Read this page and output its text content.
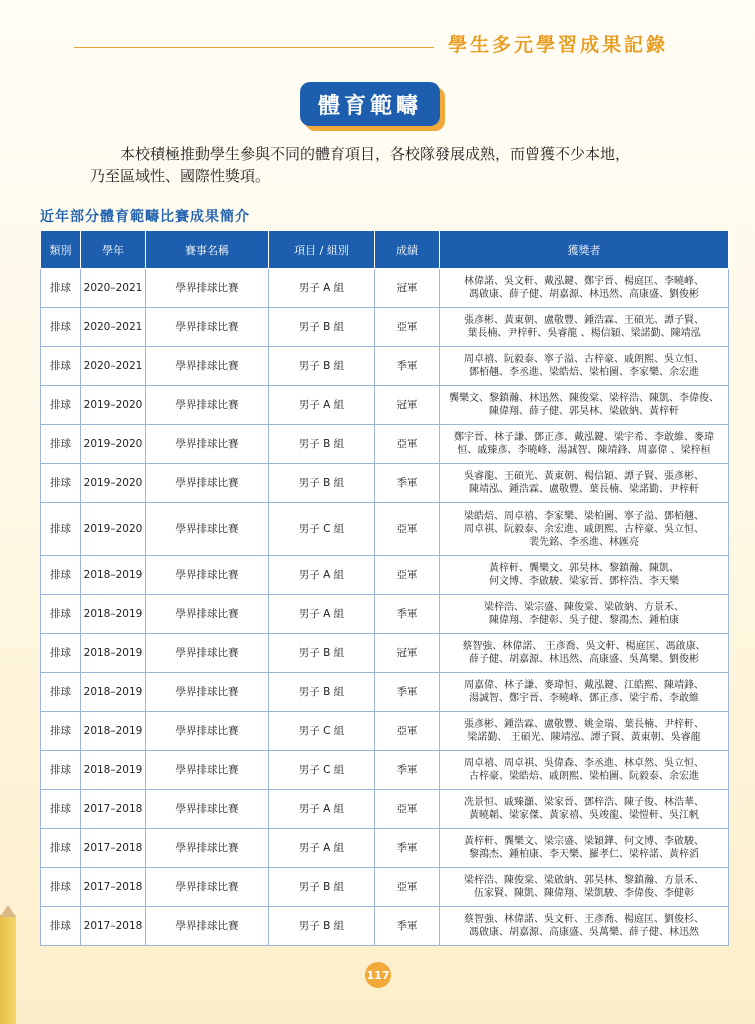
學生多元學習成果記錄
體育範疇

本校積極推動學生參與不同的體育項目，各校隊發展成熟，而曾獲不少本地，

乃至區域性、國際性獎項。

近年部分體育範疇比賽成果簡介
類別	學年	賽事名稱	項目 / 組別	成績	獲獎者
排球	2020–2021	學界排球比賽	男子 A 組	冠軍	林偉諾、吳文軒、戴泓鍵、鄭宇晉、楊庭匡、李曉峰、
馮啟康、薛子健、胡嘉源、林迅然、高康盛、劉俊彬

排球	2020–2021	學界排球比賽	男子 B 組	亞軍	張彥彬、黃東朝、盧敬豐、鍾浩霖、王碩光、譚子賢、
葉長楠、尹梓軒、吳睿龍 、楊信穎、梁諾勤、陳靖泓

排球	2020–2021	學界排球比賽	男子 B 組	季軍	周卓禧、阮毅泰、寧子溢、古梓豪、戚朗熙、吳立恒、
鄧栢翹、李丞進、梁皓焙、梁柏圖、李家樂、余宏進

排球	2019–2020	學界排球比賽	男子 A 組	冠軍	龔樂文、黎鎮瀚、林迅然、陳俊棠、梁梓浩、陳凱、李偉俊、
陳偉翔、薛子健、郭昊林、梁啟納、黃梓軒

排球	2019–2020	學界排球比賽	男子 B 組	亞軍	鄭宇晉、林子謙、鄧正彥、戴泓鍵、梁宇希、李敢維、麥瑋
恒、戚臻彥、李曉峰、湯誠智、陳靖鋒、周嘉偉 、梁梓桓

排球	2019–2020	學界排球比賽	男子 B 組	季軍	吳睿龍、王碩光、黃東朝、楊信穎、譚子賢、張彥彬、
陳靖泓、鍾浩霖、盧敬豐、葉長楠、梁諾勤、尹梓軒

排球	2019–2020	學界排球比賽	男子 C 組	亞軍	梁皓焙、周卓禧、李家樂、梁柏圖、寧子溢、鄧栢翹、
周卓祺、阮毅泰、余宏進、戚朗熙、古梓豪、吳立恒、
裴先銘、李丞進、林匯亮

排球	2018–2019	學界排球比賽	男子 A 組	亞軍	黃梓軒、龔樂文、郭昊林、黎鎮瀚、陳凱、
何文博、李啟駿、梁家晉、鄧梓浩、李天樂

排球	2018–2019	學界排球比賽	男子 A 組	季軍	梁梓浩、梁宗盛、陳俊棠、梁啟納、方景禾、
陳偉翔、李健彰、吳子健、黎鴻杰、鍾柏康

排球	2018–2019	學界排球比賽	男子 B 組	冠軍	蔡智強、林偉諾、 王彥喬、吳文軒、楊庭匡、馮啟康、
薛子健、胡嘉源、林迅然、高康盛、吳萬樂、劉俊彬

排球	2018–2019	學界排球比賽	男子 B 組	季軍	周嘉偉、林子謙、麥瑋恒、戴泓鍵、江皓熙、陳靖鋒、
湯誠智、鄭宇晉、李曉峰、鄧正彥、梁宇希、李敢維

排球	2018–2019	學界排球比賽	男子 C 組	亞軍	張彥彬、鍾浩霖、盧敬豐、姚金瑞、葉長楠、尹梓軒、
梁諾勤、 王碩光、陳靖泓、譚子賢、黃東朝、吳睿龍

排球	2018–2019	學界排球比賽	男子 C 組	季軍	周卓禧、周卓祺、吳偉森、李丞進、林卓然、吳立恒、
古梓豪、梁皓焙、戚朗熙、梁柏圖、阮毅泰、余宏進

排球	2017–2018	學界排球比賽	男子 A 組	亞軍	冼景恒、戚臻灝、梁家晉、鄧梓浩、陳子俊、林浩華、
黃曉韜、梁家傑、黃家禧、吳竣龍、梁愷軒、吳江帆

排球	2017–2018	學界排球比賽	男子 A 組	季軍	黃梓軒、龔樂文、梁宗盛、梁穎鏵、何文博、李啟駿、
黎鴻杰、鍾柏康、李天樂、羅孝仁、梁梓諾、黃梓滔

排球	2017–2018	學界排球比賽	男子 B 組	亞軍	梁梓浩、陳俊棠、梁啟納、郭昊林、黎鎮瀚、方景禾、
伍家賢、陳凱、陳偉翔、梁凱駿、李偉俊、李健彰

排球	2017–2018	學界排球比賽	男子 B 組	季軍	蔡智強、林偉諾、吳文軒、王彥喬、楊庭匡、劉俊杉、
馮啟康、胡嘉源、高康盛、吳萬樂、薛子健、林迅然
117
